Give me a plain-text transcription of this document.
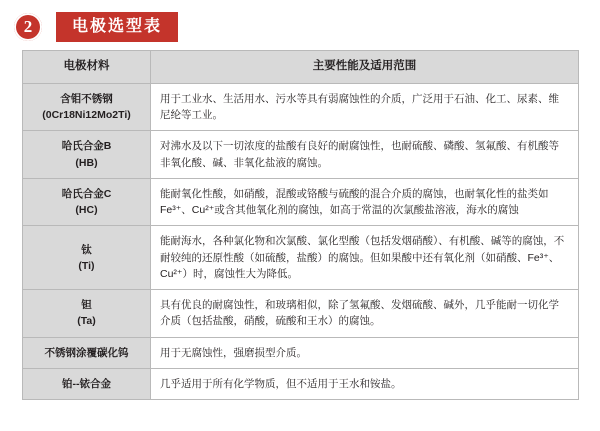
2	电极选型表
电极材料	主要性能及适用范围
含钼不锈钢
(0Cr18Ni12Mo2Ti)	用于工业水、生活用水、污水等具有弱腐蚀性的介质，广泛用于石油、化工、尿素、维尼纶等工业。
哈氏合金B
(HB)	对沸水及以下一切浓度的盐酸有良好的耐腐蚀性，也耐硫酸、磷酸、氢氟酸、有机酸等非氧化酸、碱、非氧化盐液的腐蚀。
哈氏合金C
(HC)	能耐氧化性酸，如硝酸，混酸或铬酸与硫酸的混合介质的腐蚀，也耐氧化性的盐类如Fe³⁺、Cu²⁺或含其他氧化剂的腐蚀，如高于常温的次氯酸盐溶液，海水的腐蚀
钛
(Ti)	能耐海水，各种氯化物和次氯酸、氯化型酸（包括发烟硝酸）、有机酸、碱等的腐蚀，不耐较纯的还原性酸（如硫酸，盐酸）的腐蚀。但如果酸中还有氧化剂（如硝酸、Fe³⁺、Cu²⁺）时，腐蚀性大为降低。
钽
(Ta)	具有优良的耐腐蚀性，和玻璃相似，除了氢氟酸、发烟硫酸、碱外，几乎能耐一切化学介质（包括盐酸，硝酸，硫酸和王水）的腐蚀。
不锈钢涂覆碳化钨	用于无腐蚀性，强磨损型介质。
铂--铱合金	几乎适用于所有化学物质，但不适用于王水和铵盐。
